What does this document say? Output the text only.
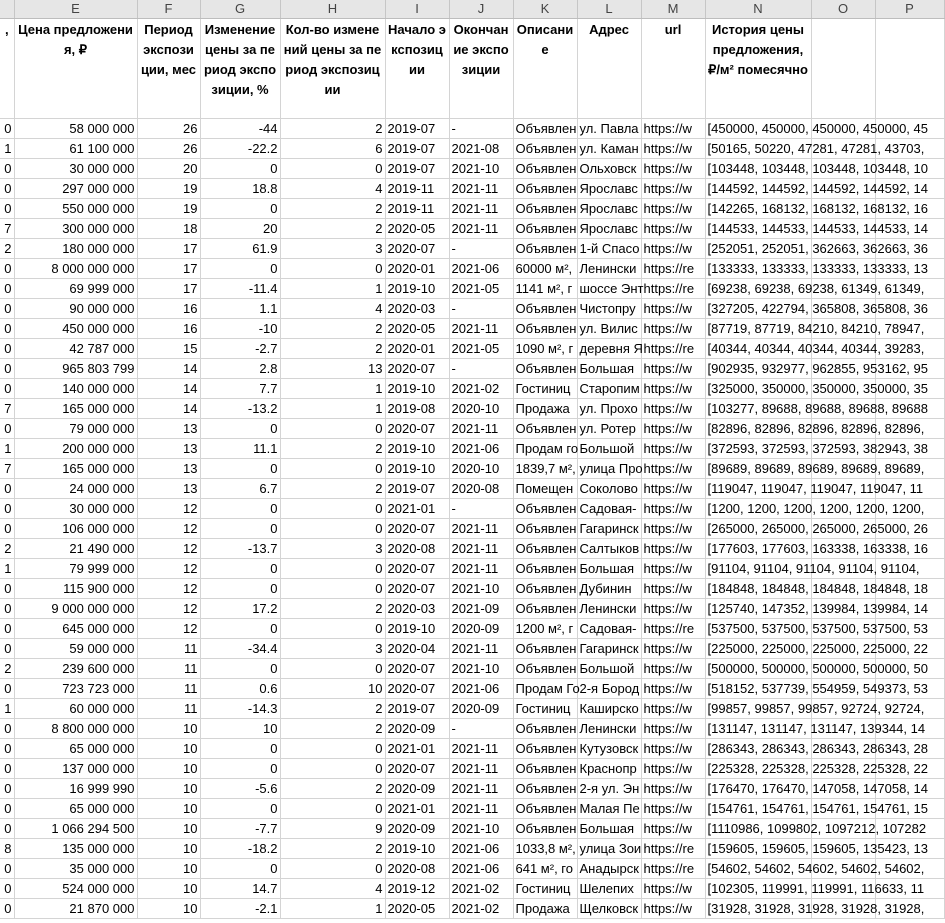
	E	F	G	H	I	J	K	L	M	N	O	P
,	Цена предложения, ₽	Период экспозиции, мес	Изменение цены за период экспозиции, %	Кол-во изменений цены за период экспозиции	Начало экспозиции	Окончание экспозиции	Описание	Адрес	url	История цены предложения, ₽/м² помесячно		
0	58 000 000	26	-44	2	2019-07	-	Объявлен	ул. Павла	https://w	[450000, 450000, 450000, 450000, 45		
1	61 100 000	26	-22.2	6	2019-07	2021-08	Объявлен	ул. Каман	https://w	[50165, 50220, 47281, 47281, 43703,		
0	30 000 000	20	0	0	2019-07	2021-10	Объявлен	Ольховск	https://w	[103448, 103448, 103448, 103448, 10		
0	297 000 000	19	18.8	4	2019-11	2021-11	Объявлен	Ярославс	https://w	[144592, 144592, 144592, 144592, 14		
0	550 000 000	19	0	2	2019-11	2021-11	Объявлен	Ярославс	https://w	[142265, 168132, 168132, 168132, 16		
7	300 000 000	18	20	2	2020-05	2021-11	Объявлен	Ярославс	https://w	[144533, 144533, 144533, 144533, 14		
2	180 000 000	17	61.9	3	2020-07	-	Объявлен	1-й Спасо	https://w	[252051, 252051, 362663, 362663, 36		
0	8 000 000 000	17	0	0	2020-01	2021-06	60000 м²,	Ленински	https://re	[133333, 133333, 133333, 133333, 13		
0	69 999 000	17	-11.4	1	2019-10	2021-05	1141 м², г	шоссе Энт	https://re	[69238, 69238, 69238, 61349, 61349,		
0	90 000 000	16	1.1	4	2020-03	-	Объявлен	Чистопру	https://w	[327205, 422794, 365808, 365808, 36		
0	450 000 000	16	-10	2	2020-05	2021-11	Объявлен	ул. Вилис	https://w	[87719, 87719, 84210, 84210, 78947,		
0	42 787 000	15	-2.7	2	2020-01	2021-05	1090 м², г	деревня Я	https://re	[40344, 40344, 40344, 40344, 39283,		
0	965 803 799	14	2.8	13	2020-07	-	Объявлен	Большая	https://w	[902935, 932977, 962855, 953162, 95		
0	140 000 000	14	7.7	1	2019-10	2021-02	Гостиниц	Старопим	https://w	[325000, 350000, 350000, 350000, 35		
7	165 000 000	14	-13.2	1	2019-08	2020-10	Продажа	ул. Прохо	https://w	[103277, 89688, 89688, 89688, 89688		
0	79 000 000	13	0	0	2020-07	2021-11	Объявлен	ул. Ротер	https://w	[82896, 82896, 82896, 82896, 82896,		
1	200 000 000	13	11.1	2	2019-10	2021-06	Продам го	Большой	https://w	[372593, 372593, 372593, 382943, 38		
7	165 000 000	13	0	0	2019-10	2020-10	1839,7 м²,	улица Про	https://w	[89689, 89689, 89689, 89689, 89689,		
0	24 000 000	13	6.7	2	2019-07	2020-08	Помещен	Соколово	https://w	[119047, 119047, 119047, 119047, 11		
0	30 000 000	12	0	0	2021-01	-	Объявлен	Садовая-	https://w	[1200, 1200, 1200, 1200, 1200, 1200,		
0	106 000 000	12	0	0	2020-07	2021-11	Объявлен	Гагаринск	https://w	[265000, 265000, 265000, 265000, 26		
2	21 490 000	12	-13.7	3	2020-08	2021-11	Объявлен	Салтыков	https://w	[177603, 177603, 163338, 163338, 16		
1	79 999 000	12	0	0	2020-07	2021-11	Объявлен	Большая	https://w	[91104, 91104, 91104, 91104, 91104,		
0	115 900 000	12	0	0	2020-07	2021-10	Объявлен	Дубинин	https://w	[184848, 184848, 184848, 184848, 18		
0	9 000 000 000	12	17.2	2	2020-03	2021-09	Объявлен	Ленински	https://w	[125740, 147352, 139984, 139984, 14		
0	645 000 000	12	0	0	2019-10	2020-09	1200 м², г	Садовая-	https://re	[537500, 537500, 537500, 537500, 53		
0	59 000 000	11	-34.4	3	2020-04	2021-11	Объявлен	Гагаринск	https://w	[225000, 225000, 225000, 225000, 22		
2	239 600 000	11	0	0	2020-07	2021-10	Объявлен	Большой	https://w	[500000, 500000, 500000, 500000, 50		
0	723 723 000	11	0.6	10	2020-07	2021-06	Продам Го	2-я Бород	https://w	[518152, 537739, 554959, 549373, 53		
1	60 000 000	11	-14.3	2	2019-07	2020-09	Гостиниц	Каширско	https://w	[99857, 99857, 99857, 92724, 92724,		
0	8 800 000 000	10	10	2	2020-09	-	Объявлен	Ленински	https://w	[131147, 131147, 131147, 139344, 14		
0	65 000 000	10	0	0	2021-01	2021-11	Объявлен	Кутузовск	https://w	[286343, 286343, 286343, 286343, 28		
0	137 000 000	10	0	0	2020-07	2021-11	Объявлен	Краснопр	https://w	[225328, 225328, 225328, 225328, 22		
0	16 999 990	10	-5.6	2	2020-09	2021-11	Объявлен	2-я ул. Эн	https://w	[176470, 176470, 147058, 147058, 14		
0	65 000 000	10	0	0	2021-01	2021-11	Объявлен	Малая Пе	https://w	[154761, 154761, 154761, 154761, 15		
0	1 066 294 500	10	-7.7	9	2020-09	2021-10	Объявлен	Большая	https://w	[1110986, 1099802, 1097212, 107282		
8	135 000 000	10	-18.2	2	2019-10	2021-06	1033,8 м²,	улица Зои	https://re	[159605, 159605, 159605, 135423, 13		
0	35 000 000	10	0	0	2020-08	2021-06	641 м², го	Анадырск	https://re	[54602, 54602, 54602, 54602, 54602,		
0	524 000 000	10	14.7	4	2019-12	2021-02	Гостиниц	Шелепих	https://w	[102305, 119991, 119991, 116633, 11		
0	21 870 000	10	-2.1	1	2020-05	2021-02	Продажа	Щелковск	https://w	[31928, 31928, 31928, 31928, 31928,		
